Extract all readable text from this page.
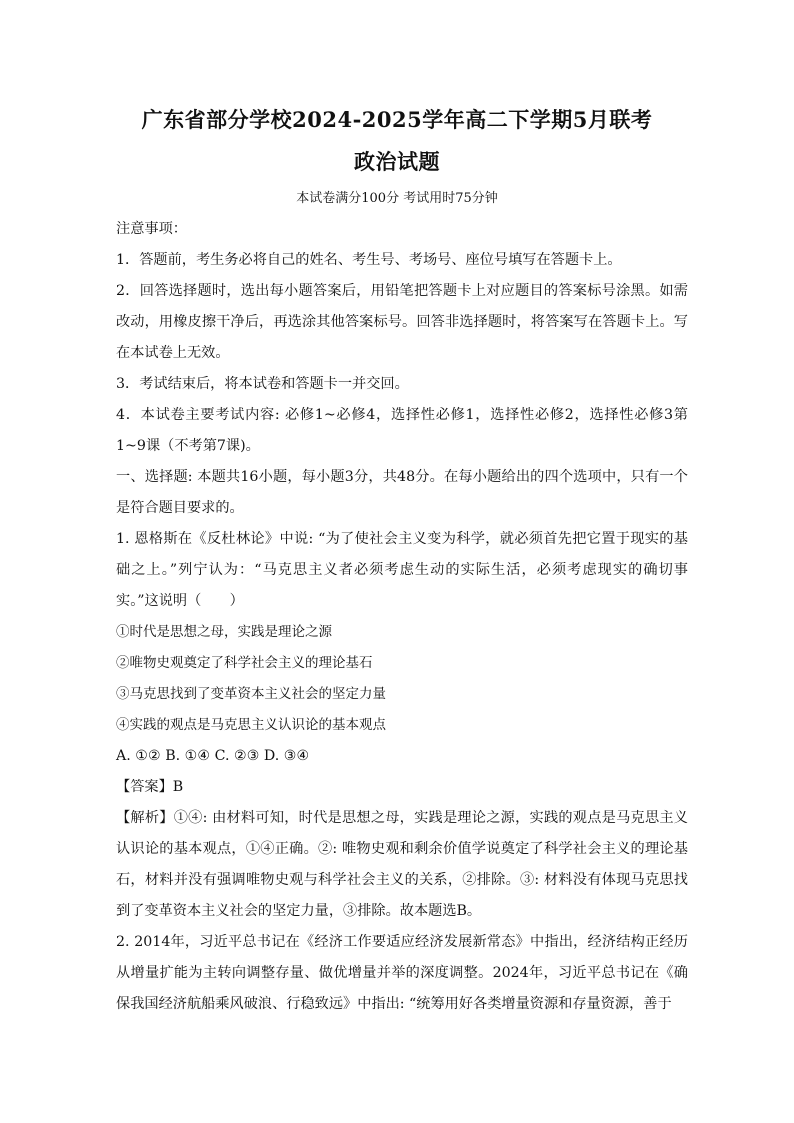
广东省部分学校2024-2025学年高二下学期5月联考
政治试题
本试卷满分100分 考试用时75分钟

注意事项：

1．答题前，考生务必将自己的姓名、考生号、考场号、座位号填写在答题卡上。

2．回答选择题时，选出每小题答案后，用铅笔把答题卡上对应题目的答案标号涂黑。如需改动，用橡皮擦干净后，再选涂其他答案标号。回答非选择题时，将答案写在答题卡上。写在本试卷上无效。

3．考试结束后，将本试卷和答题卡一并交回。

4．本试卷主要考试内容: 必修1~必修4，选择性必修1，选择性必修2，选择性必修3第1~9课（不考第7课)。

一、选择题: 本题共16小题，每小题3分，共48分。在每小题给出的四个选项中，只有一个是符合题目要求的。

1. 恩格斯在《反杜林论》中说: “为了使社会主义变为科学，就必须首先把它置于现实的基础之上。”列宁认为：“马克思主义者必须考虑生动的实际生活，必须考虑现实的确切事实。”这说明（　　）

①时代是思想之母，实践是理论之源

②唯物史观奠定了科学社会主义的理论基石

③马克思找到了变革资本主义社会的坚定力量

④实践的观点是马克思主义认识论的基本观点

A. ①② B. ①④ C. ②③ D. ③④

【答案】B

【解析】①④: 由材料可知，时代是思想之母，实践是理论之源，实践的观点是马克思主义认识论的基本观点，①④正确。②: 唯物史观和剩余价值学说奠定了科学社会主义的理论基石，材料并没有强调唯物史观与科学社会主义的关系，②排除。③: 材料没有体现马克思找到了变革资本主义社会的坚定力量，③排除。故本题选B。

2. 2014年，习近平总书记在《经济工作要适应经济发展新常态》中指出，经济结构正经历从增量扩能为主转向调整存量、做优增量并举的深度调整。2024年，习近平总书记在《确保我国经济航船乘风破浪、行稳致远》中指出: “统筹用好各类增量资源和存量资源，善于
